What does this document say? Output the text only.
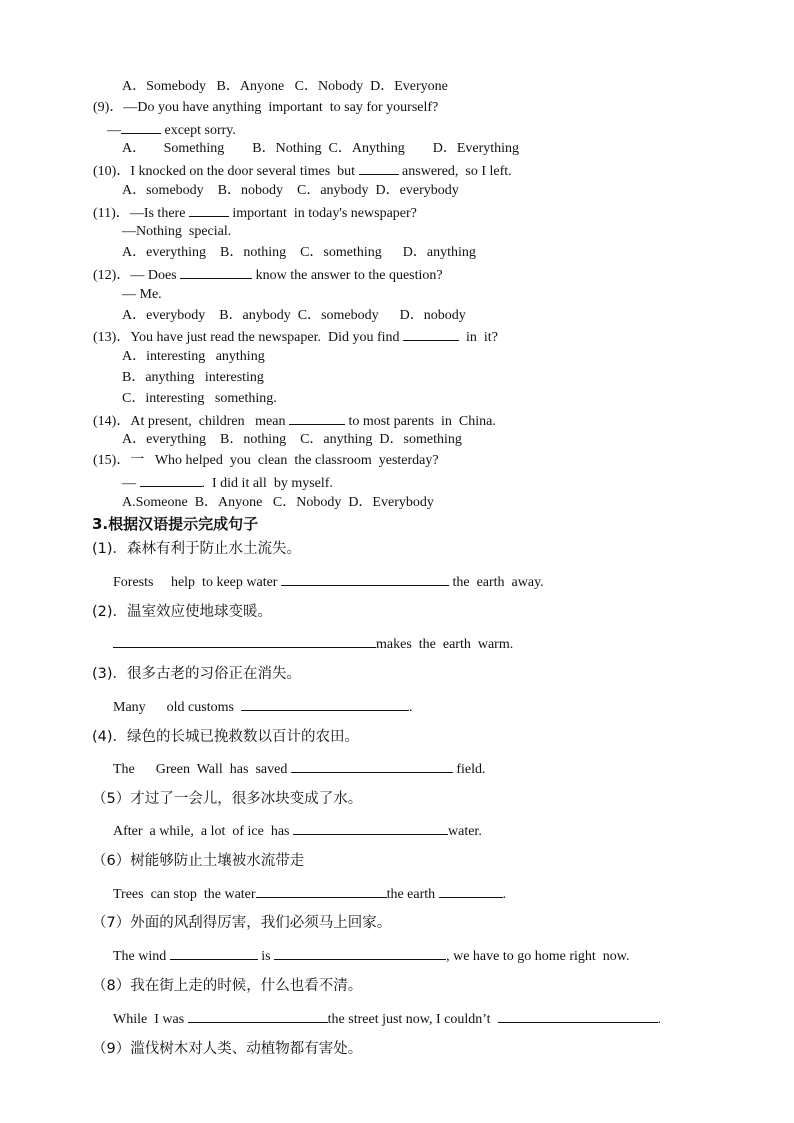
A．Somebody   B．Anyone   C．Nobody  D．Everyone
(9)．—Do you have anything  important  to say for yourself?
—	except sorry.
A．     Something        B．Nothing  C．Anything        D．Everything
(10)．I knocked on the door several times  but	answered,  so I left.
A．somebody    B．nobody    C．anybody  D．everybody
(11)．—Is there	important  in today's newspaper?
—Nothing  special.
A．everything    B．nothing    C．something      D．anything
(12)．— Does	know the answer to the question?
— Me.
A．everybody    B．anybody  C．somebody      D．nobody
(13)．You have just read the newspaper.  Did you find	in  it?
A．interesting   anything
B．anything   interesting
C．interesting   something.
(14)．At present,  children   mean	to most parents  in  China.
A．everything    B．nothing    C．anything  D．something
(15)．一   Who helped  you  clean  the classroom  yesterday?
—	.  I did it all  by myself.
A.Someone  B．Anyone   C．Nobody  D．Everybody
3.根据汉语提示完成句子
(1)．森林有利于防止水土流失。
Forests     help  to keep water	the  earth  away.
(2)．温室效应使地球变暖。
makes  the  earth  warm.
(3)．很多古老的习俗正在消失。
Many      old customs	.
(4)．绿色的长城已挽救数以百计的农田。
The      Green  Wall  has  saved	field.
（5）才过了一会儿，很多冰块变成了水。
After  a while,  a lot  of ice  has	water.
（6）树能够防止土壤被水流带走
Trees  can stop  the water	the earth	.
（7）外面的风刮得厉害，我们必须马上回家。
The wind	is	, we have to go home right  now.
（8）我在街上走的时候，什么也看不清。
While  I was	the street just now, I couldn’t	.
（9）滥伐树木对人类、动植物都有害处。
